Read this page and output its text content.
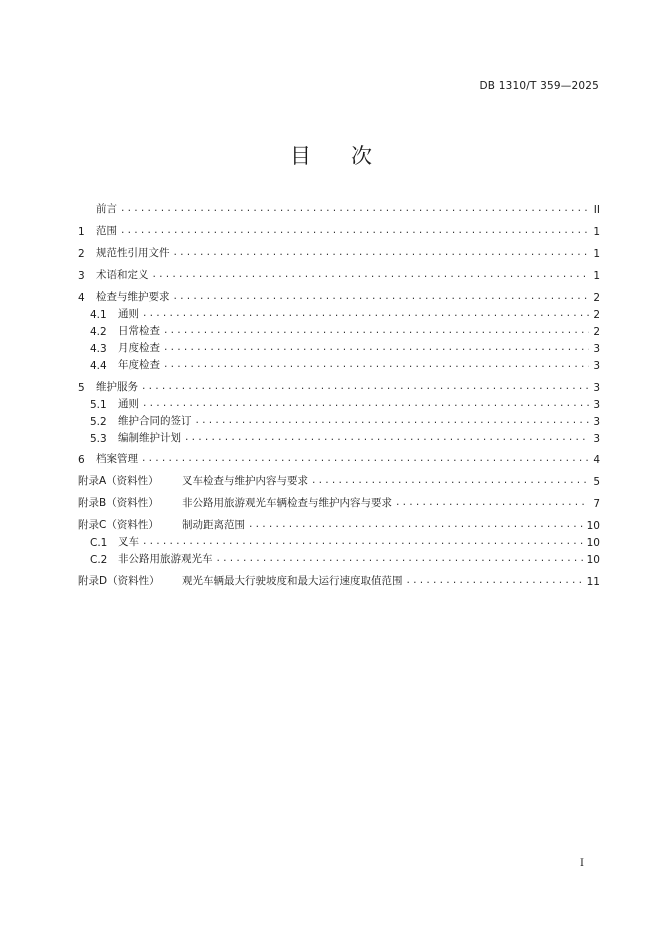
DB 1310/T 359—2025
目 次
前言 .....	II
1	范围 .....	1
2	规范性引用文件 .....	1
3	术语和定义 .....	1
4	检查与维护要求 .....	2
4.1	通则 .....	2
4.2	日常检查 .....	2
4.3	月度检查 .....	3
4.4	年度检查 .....	3
5	维护服务 .....	3
5.1	通则 .....	3
5.2	维护合同的签订 .....	3
5.3	编制维护计划 .....	3
6	档案管理 .....	4
附录A（资料性）	叉车检查与维护内容与要求 .....	5
附录B（资料性）	非公路用旅游观光车辆检查与维护内容与要求 .....	7
附录C（资料性）	制动距离范围 .....	10
C.1	叉车 .....	10
C.2	非公路用旅游观光车 .....	10
附录D（资料性）	观光车辆最大行驶坡度和最大运行速度取值范围 .....	11
I
